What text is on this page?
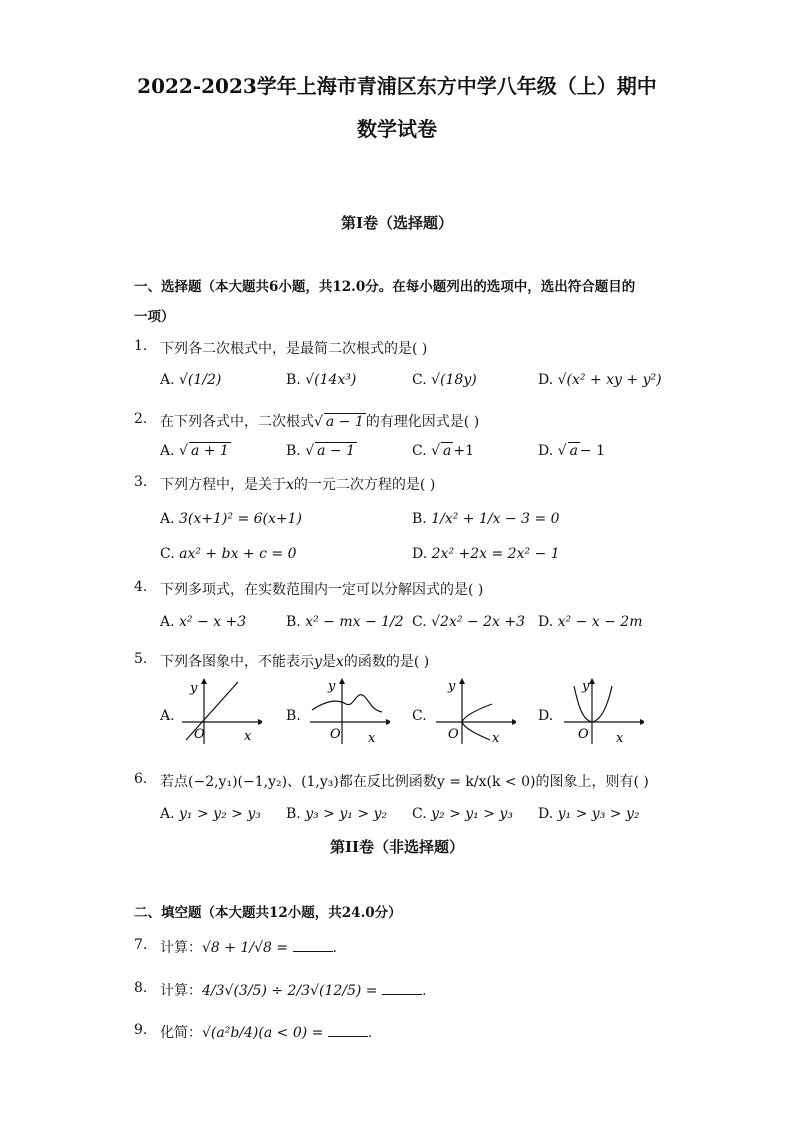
2022-2023学年上海市青浦区东方中学八年级（上）期中
数学试卷
第I卷（选择题）
一、选择题（本大题共6小题，共12.0分。在每小题列出的选项中，选出符合题目的
一项）
1. 下列各二次根式中，是最简二次根式的是( )
A. √(1/2)	B. √(14x³)	C. √(18y)	D. √(x² + xy + y²)
2. 在下列各式中，二次根式√ a − 1 的有理化因式是( )
A. √ a + 1	B. √ a − 1	C. √ a +1	D. √ a − 1
3. 下列方程中，是关于x的一元二次方程的是( )
A. 3(x+1)² = 6(x+1)	B. 1/x² + 1/x − 3 = 0
C. ax² + bx + c = 0	D. 2x² +2x = 2x² − 1
4. 下列多项式，在实数范围内一定可以分解因式的是( )
A. x² − x +3	B. x² − mx − 1/2 C. √2x² − 2x +3 D. x² − x − 2m
5. 下列各图象中，不能表示y是x的函数的是( )
A.
y
O	x
B.
y
O x
C.
y
O	x
D.
y
O x
6. 若点(−2,y₁)(−1,y₂)、(1,y₃)都在反比例函数y = k/x(k < 0)的图象上，则有( )
A. y₁ > y₂ > y₃ B. y₃ > y₁ > y₂ C. y₂ > y₁ > y₃ D. y₁ > y₃ > y₂
第II卷（非选择题）
二、填空题（本大题共12小题，共24.0分）
7. 计算：√8 + 1/√8 =	.
8. 计算：4/3√(3/5) ÷ 2/3√(12/5) =	.
9. 化简：√(a²b/4)(a < 0) =	.
